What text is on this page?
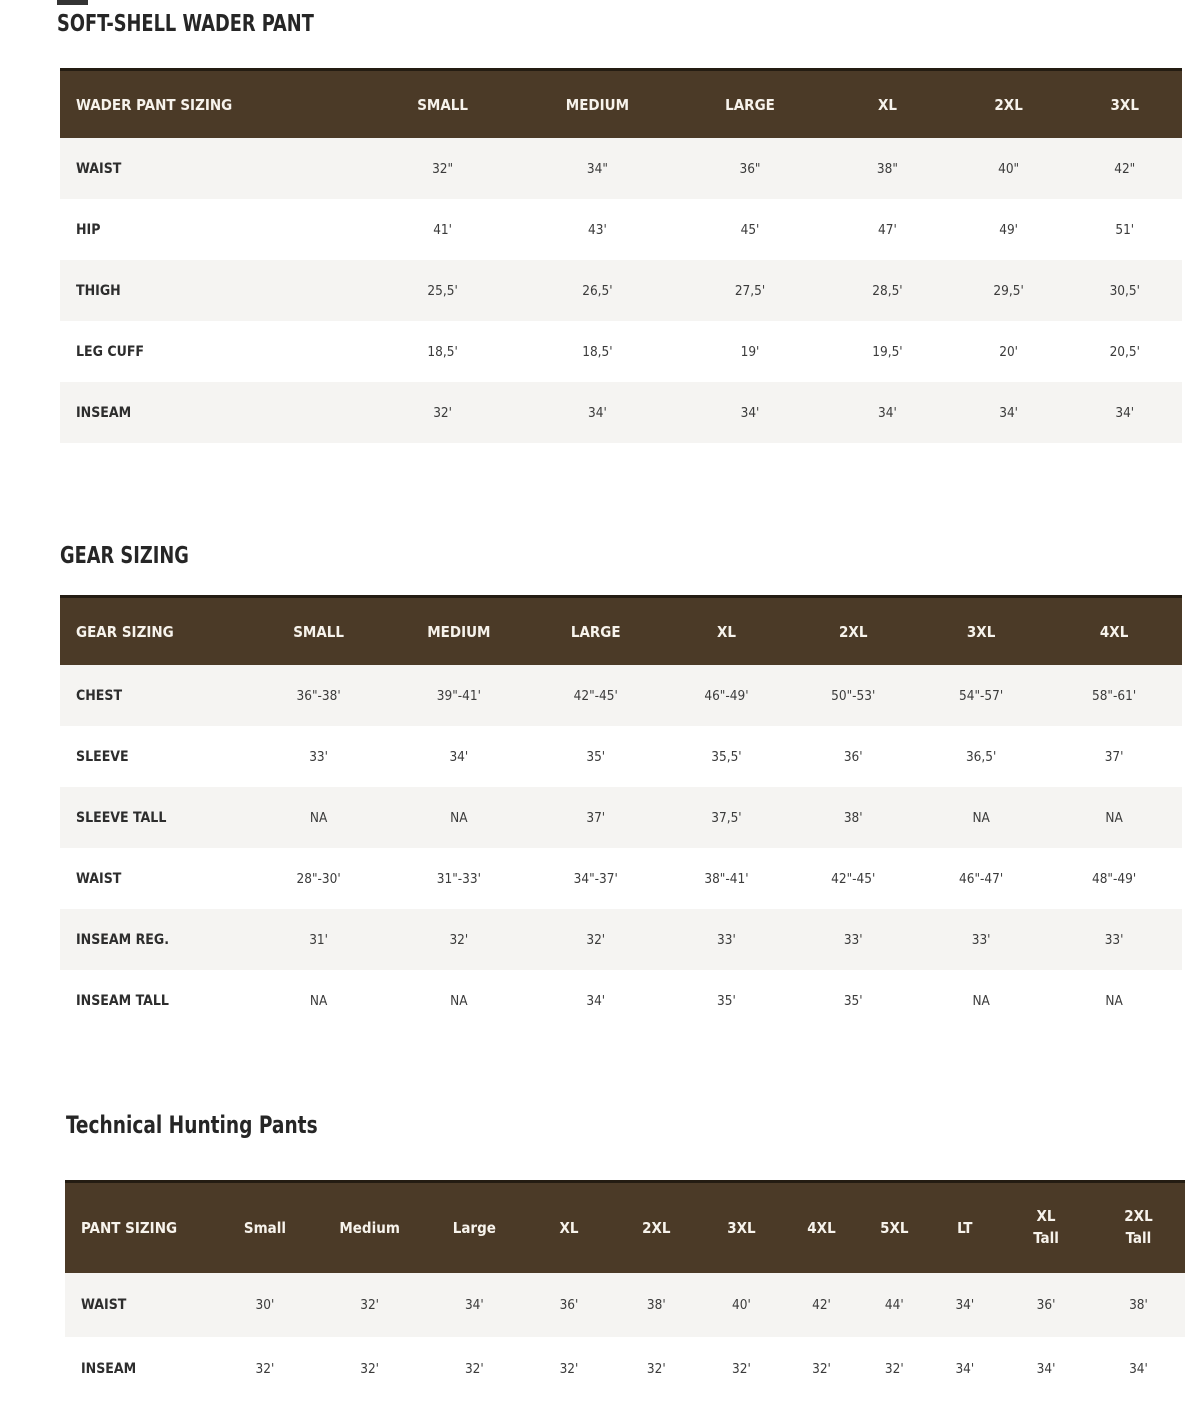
SOFT-SHELL WADER PANT
WADER PANT SIZING	SMALL	MEDIUM	LARGE	XL	2XL	3XL
WAIST	32"	34"	36"	38"	40"	42"
HIP	41'	43'	45'	47'	49'	51'
THIGH	25,5'	26,5'	27,5'	28,5'	29,5'	30,5'
LEG CUFF	18,5'	18,5'	19'	19,5'	20'	20,5'
INSEAM	32'	34'	34'	34'	34'	34'
GEAR SIZING
GEAR SIZING	SMALL	MEDIUM	LARGE	XL	2XL	3XL	4XL
CHEST	36"-38'	39"-41'	42"-45'	46"-49'	50"-53'	54"-57'	58"-61'
SLEEVE	33'	34'	35'	35,5'	36'	36,5'	37'
SLEEVE TALL	NA	NA	37'	37,5'	38'	NA	NA
WAIST	28"-30'	31"-33'	34"-37'	38"-41'	42"-45'	46"-47'	48"-49'
INSEAM REG.	31'	32'	32'	33'	33'	33'	33'
INSEAM TALL	NA	NA	34'	35'	35'	NA	NA
Technical Hunting Pants
PANT SIZING	Small	Medium	Large	XL	2XL	3XL	4XL	5XL	LT	XL Tall	2XL Tall
WAIST	30'	32'	34'	36'	38'	40'	42'	44'	34'	36'	38'
INSEAM	32'	32'	32'	32'	32'	32'	32'	32'	34'	34'	34'
